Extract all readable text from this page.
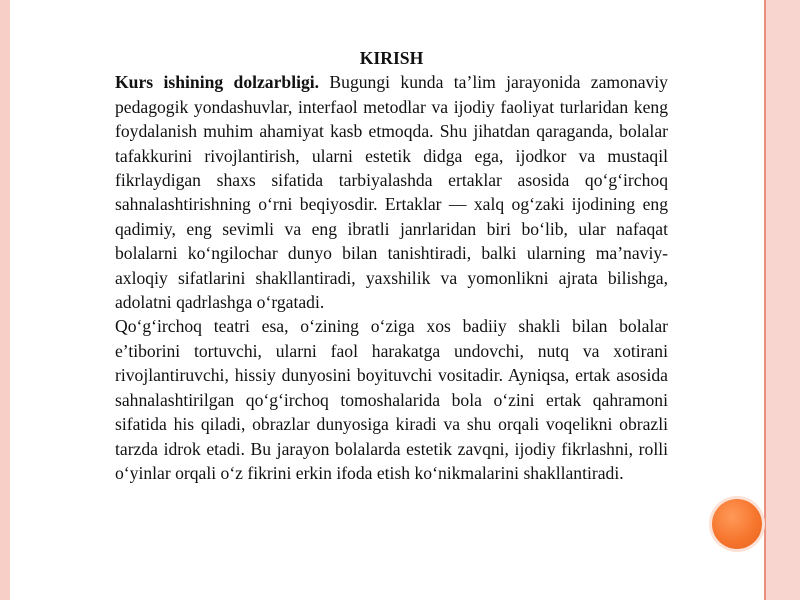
KIRISH

Kurs ishining dolzarbligi. Bugungi kunda ta’lim jarayonida zamonaviy pedagogik yondashuvlar, interfaol metodlar va ijodiy faoliyat turlaridan keng foydalanish muhim ahamiyat kasb etmoqda. Shu jihatdan qaraganda, bolalar tafakkurini rivojlantirish, ularni estetik didga ega, ijodkor va mustaqil fikrlaydigan shaxs sifatida tarbiyalashda ertaklar asosida qo‘g‘irchoq sahnalashtirishning o‘rni beqiyosdir. Ertaklar — xalq og‘zaki ijodining eng qadimiy, eng sevimli va eng ibratli janrlaridan biri bo‘lib, ular nafaqat bolalarni ko‘ngilochar dunyo bilan tanishtiradi, balki ularning ma’naviy-axloqiy sifatlarini shakllantiradi, yaxshilik va yomonlikni ajrata bilishga, adolatni qadrlashga o‘rgatadi.

Qo‘g‘irchoq teatri esa, o‘zining o‘ziga xos badiiy shakli bilan bolalar e’tiborini tortuvchi, ularni faol harakatga undovchi, nutq va xotirani rivojlantiruvchi, hissiy dunyosini boyituvchi vositadir. Ayniqsa, ertak asosida sahnalashtirilgan qo‘g‘irchoq tomoshalarida bola o‘zini ertak qahramoni sifatida his qiladi, obrazlar dunyosiga kiradi va shu orqali voqelikni obrazli tarzda idrok etadi. Bu jarayon bolalarda estetik zavqni, ijodiy fikrlashni, rolli o‘yinlar orqali o‘z fikrini erkin ifoda etish ko‘nikmalarini shakllantiradi.
